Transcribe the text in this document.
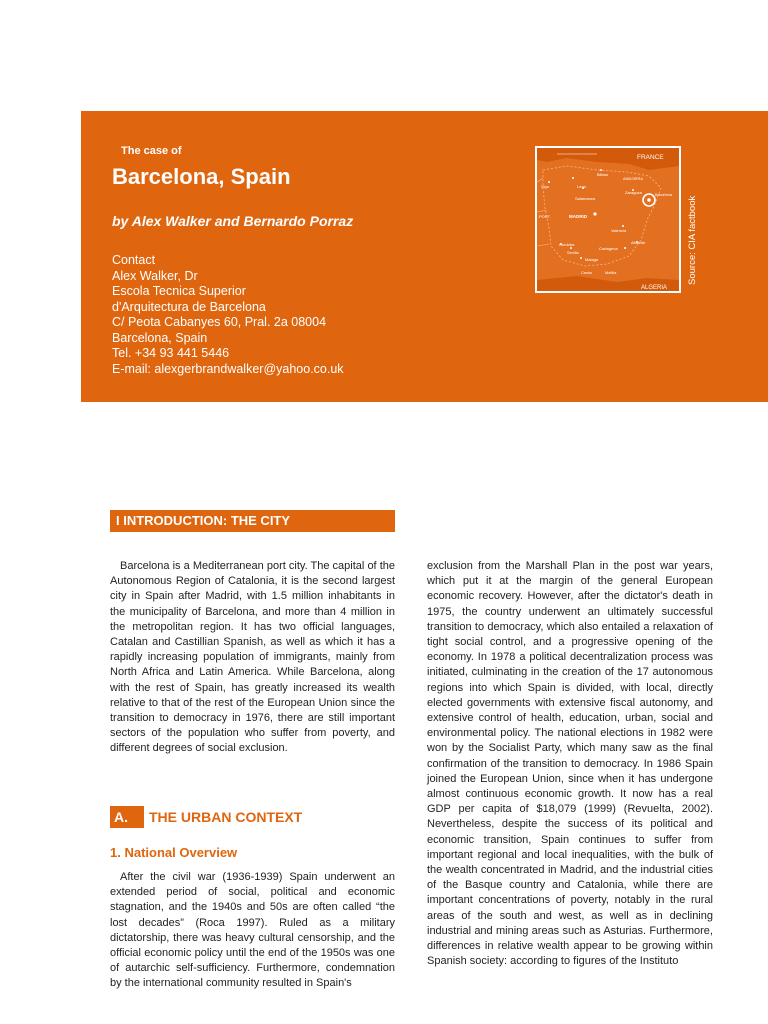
The case of
Barcelona, Spain
by Alex Walker and Bernardo Porraz
Contact
Alex Walker, Dr
Escola Tecnica Superior
d'Arquitectura de Barcelona
C/ Peota Cabanyes 60, Pral. 2a 08004
Barcelona, Spain
Tel. +34 93 441 5446
E-mail: alexgerbrandwalker@yahoo.co.uk
FRANCE
ANDORRA
PORT.	MADRID
ALGERIA
Barcelona
Valencia
Sevilla
Cordoba
Malaga
Bilbao
Zaragoza
Salamanca
Leon
Vigo
Alicante
Cartagena
Ceuta	Melilla	Source: CIA factbook
I INTRODUCTION: THE CITY
Barcelona is a Mediterranean port city. The capital of the Autonomous Region of Catalonia, it is the second largest city in Spain after Madrid, with 1.5 million inhabitants in the municipality of Barcelona, and more than 4 million in the metropolitan region. It has two official languages, Catalan and Castillian Spanish, as well as which it has a rapidly increasing population of immigrants, mainly from North Africa and Latin America. While Barcelona, along with the rest of Spain, has greatly increased its wealth relative to that of the rest of the European Union since the transition to democracy in 1976, there are still important sectors of the population who suffer from poverty, and different degrees of social exclusion.
A. THE URBAN CONTEXT
1. National Overview
After the civil war (1936-1939) Spain underwent an extended period of social, political and economic stagnation, and the 1940s and 50s are often called “the lost decades” (Roca 1997). Ruled as a military dictatorship, there was heavy cultural censorship, and the official economic policy until the end of the 1950s was one of autarchic self-sufficiency. Furthermore, condemnation by the international community resulted in Spain's
exclusion from the Marshall Plan in the post war years, which put it at the margin of the general European economic recovery. However, after the dictator's death in 1975, the country underwent an ultimately successful transition to democracy, which also entailed a relaxation of tight social control, and a progressive opening of the economy. In 1978 a political decentralization process was initiated, culminating in the creation of the 17 autonomous regions into which Spain is divided, with local, directly elected governments with extensive fiscal autonomy, and extensive control of health, education, urban, social and environmental policy. The national elections in 1982 were won by the Socialist Party, which many saw as the final confirmation of the transition to democracy. In 1986 Spain joined the European Union, since when it has undergone almost continuous economic growth. It now has a real GDP per capita of $18,079 (1999) (Revuelta, 2002). Nevertheless, despite the success of its political and economic transition, Spain continues to suffer from important regional and local inequalities, with the bulk of the wealth concentrated in Madrid, and the industrial cities of the Basque country and Catalonia, while there are important concentrations of poverty, notably in the rural areas of the south and west, as well as in declining industrial and mining areas such as Asturias. Furthermore, differences in relative wealth appear to be growing within Spanish society: according to figures of the Instituto
